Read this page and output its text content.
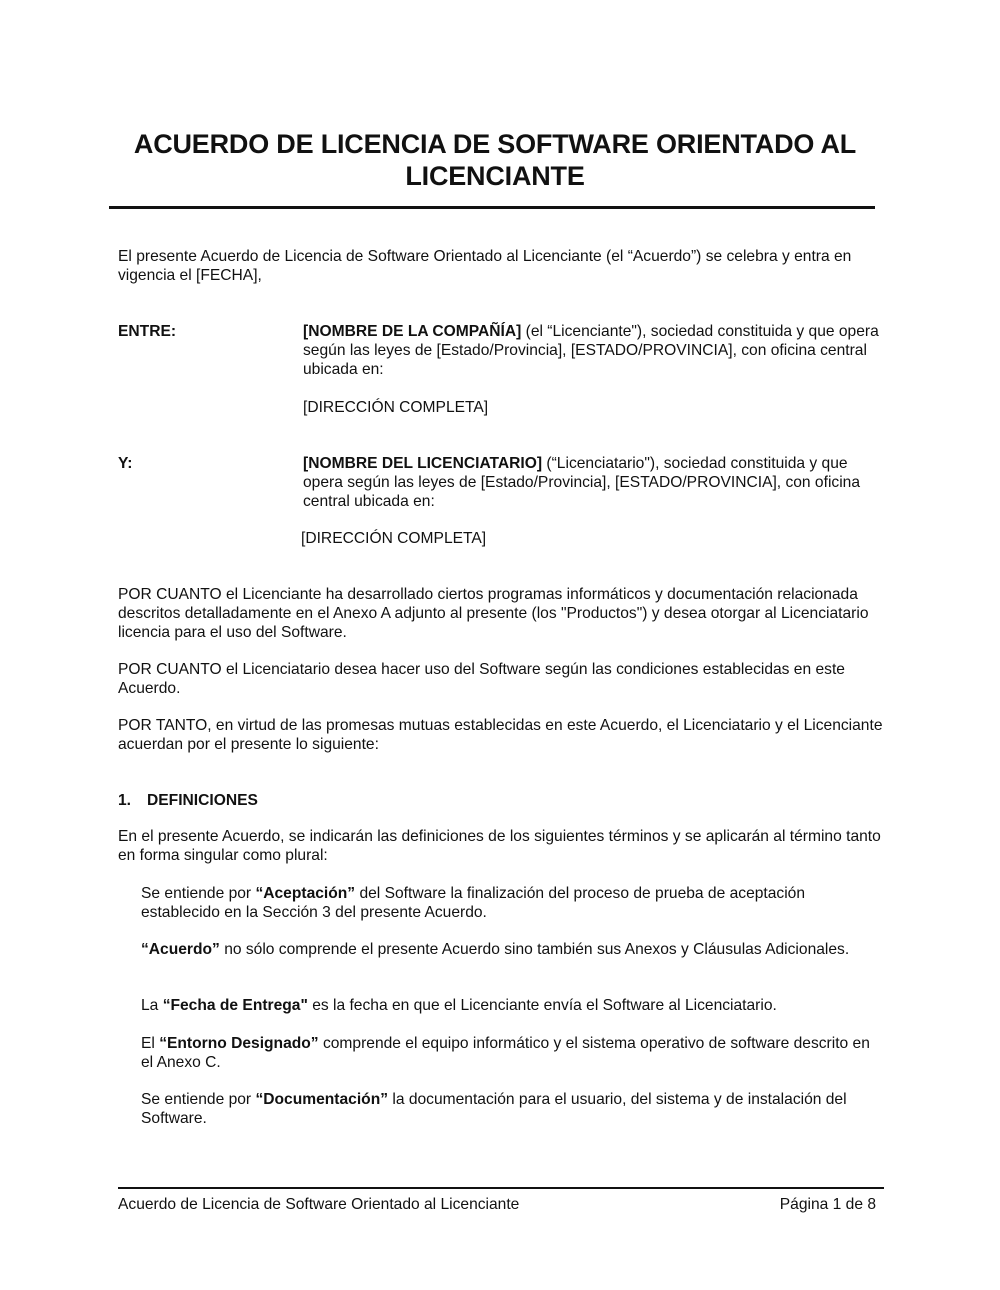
ACUERDO DE LICENCIA DE SOFTWARE ORIENTADO AL LICENCIANTE
El presente Acuerdo de Licencia de Software Orientado al Licenciante (el “Acuerdo”) se celebra y entra en vigencia el [FECHA],
ENTRE:	[NOMBRE DE LA COMPAÑÍA] (el “Licenciante"), sociedad constituida y que opera según las leyes de [Estado/Provincia], [ESTADO/PROVINCIA], con oficina central ubicada en:
[DIRECCIÓN COMPLETA]
Y:	[NOMBRE DEL LICENCIATARIO] (“Licenciatario"), sociedad constituida y que opera según las leyes de [Estado/Provincia], [ESTADO/PROVINCIA], con oficina central ubicada en:
[DIRECCIÓN COMPLETA]
POR CUANTO el Licenciante ha desarrollado ciertos programas informáticos y documentación relacionada descritos detalladamente en el Anexo A adjunto al presente (los "Productos") y desea otorgar al Licenciatario licencia para el uso del Software.
POR CUANTO el Licenciatario desea hacer uso del Software según las condiciones establecidas en este Acuerdo.
POR TANTO, en virtud de las promesas mutuas establecidas en este Acuerdo, el Licenciatario y el Licenciante acuerdan por el presente lo siguiente:
1. DEFINICIONES
En el presente Acuerdo, se indicarán las definiciones de los siguientes términos y se aplicarán al término tanto en forma singular como plural:
Se entiende por “Aceptación” del Software la finalización del proceso de prueba de aceptación establecido en la Sección 3 del presente Acuerdo.
“Acuerdo” no sólo comprende el presente Acuerdo sino también sus Anexos y Cláusulas Adicionales.
La “Fecha de Entrega" es la fecha en que el Licenciante envía el Software al Licenciatario.
El “Entorno Designado” comprende el equipo informático y el sistema operativo de software descrito en el Anexo C.
Se entiende por “Documentación” la documentación para el usuario, del sistema y de instalación del Software.
Acuerdo de Licencia de Software Orientado al Licenciante	Página 1 de 8
